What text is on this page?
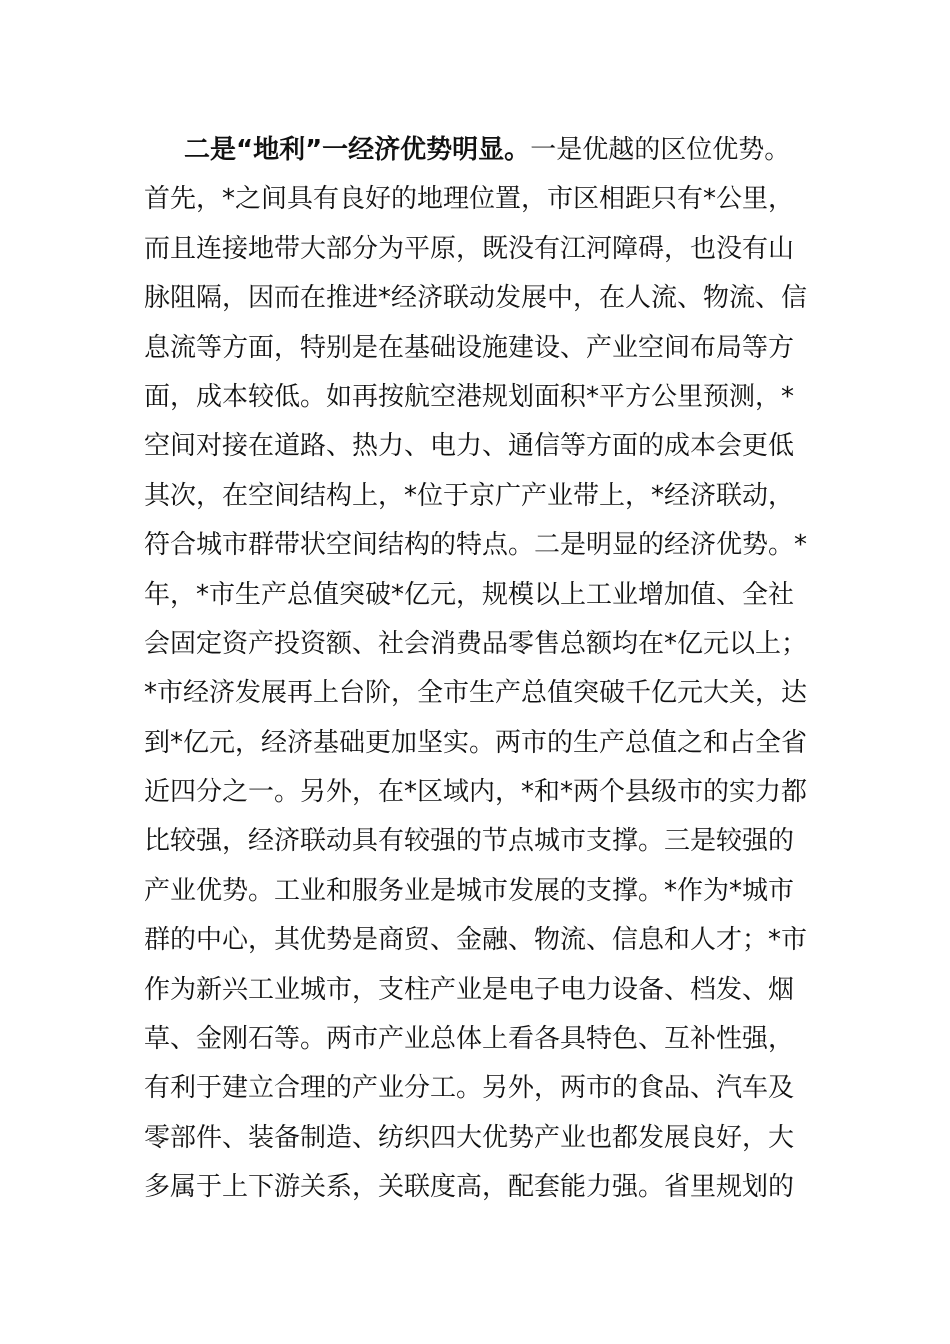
二是“地利”一经济优势明显。一是优越的区位优势。
首先，*之间具有良好的地理位置，市区相距只有*公里，
而且连接地带大部分为平原，既没有江河障碍，也没有山
脉阻隔，因而在推进*经济联动发展中，在人流、物流、信
息流等方面，特别是在基础设施建设、产业空间布局等方
面，成本较低。如再按航空港规划面积*平方公里预测，*
空间对接在道路、热力、电力、通信等方面的成本会更低
其次，在空间结构上，*位于京广产业带上，*经济联动，
符合城市群带状空间结构的特点。二是明显的经济优势。*
年，*市生产总值突破*亿元，规模以上工业增加值、全社
会固定资产投资额、社会消费品零售总额均在*亿元以上；
*市经济发展再上台阶，全市生产总值突破千亿元大关，达
到*亿元，经济基础更加坚实。两市的生产总值之和占全省
近四分之一。另外，在*区域内，*和*两个县级市的实力都
比较强，经济联动具有较强的节点城市支撑。三是较强的
产业优势。工业和服务业是城市发展的支撑。*作为*城市
群的中心，其优势是商贸、金融、物流、信息和人才；*市
作为新兴工业城市，支柱产业是电子电力设备、档发、烟
草、金刚石等。两市产业总体上看各具特色、互补性强，
有利于建立合理的产业分工。另外，两市的食品、汽车及
零部件、装备制造、纺织四大优势产业也都发展良好，大
多属于上下游关系，关联度高，配套能力强。省里规划的
